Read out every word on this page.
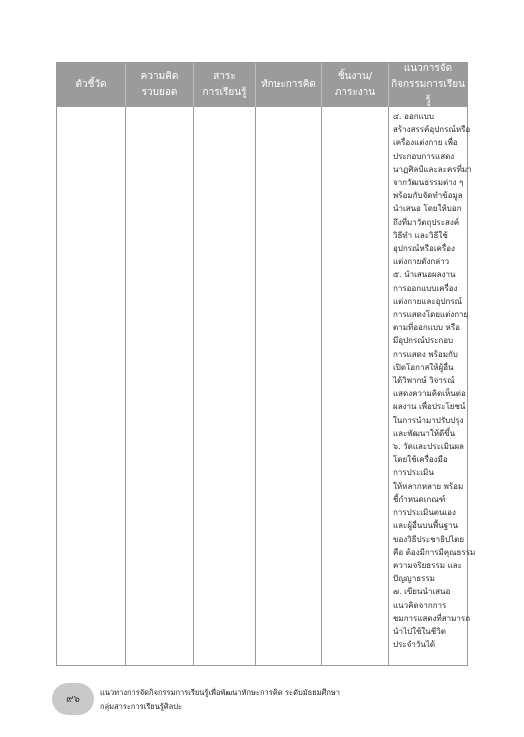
ตัวชี้วัด
ความคิด
รวบยอด
สาระ
การเรียนรู้
ทักษะการคิด
ชิ้นงาน/
ภาระงาน
แนวการจัด
กิจกรรมการเรียนรู้
๔. ออกแบบ
สร้างสรรค์อุปกรณ์หรือ
เครื่องแต่งกาย เพื่อ
ประกอบการแสดง
นาฏศิลป์และละครที่มา
จากวัฒนธรรมต่าง ๆ
พร้อมกับจัดทำข้อมูล
นำเสนอ โดยให้บอก
ถึงที่มาวัตถุประสงค์
วิธีทำ และวิธีใช้
อุปกรณ์หรือเครื่อง
แต่งกายดังกล่าว
๕. นำเสนอผลงาน
การออกแบบเครื่อง
แต่งกายและอุปกรณ์
การแสดงโดยแต่งกาย
ตามที่ออกแบบ หรือ
มีอุปกรณ์ประกอบ
การแสดง พร้อมกับ
เปิดโอกาสให้ผู้อื่น
ได้วิพากษ์ วิจารณ์
แสดงความคิดเห็นต่อ
ผลงาน เพื่อประโยชน์
ในการนำมาปรับปรุง
และพัฒนาให้ดีขึ้น
๖. วัดและประเมินผล
โดยใช้เครื่องมือ
การประเมิน
ให้หลากหลาย พร้อม
ชี้กำหนดเกณฑ์
การประเมินตนเอง
และผู้อื่นบนพื้นฐาน
ของวิธีประชาธิปไตย
คือ ต้องมีการมีคุณธรรม
ความจริยธรรม และ
ปัญญาธรรม
๗. เขียนนำเสนอ
แนวคิดจากการ
ชมการแสดงที่สามารถ
นำไปใช้ในชีวิต
ประจำวันได้
๙๖
แนวทางการจัดกิจกรรมการเรียนรู้เพื่อพัฒนาทักษะการคิด ระดับมัธยมศึกษา
กลุ่มสาระการเรียนรู้ศิลปะ
